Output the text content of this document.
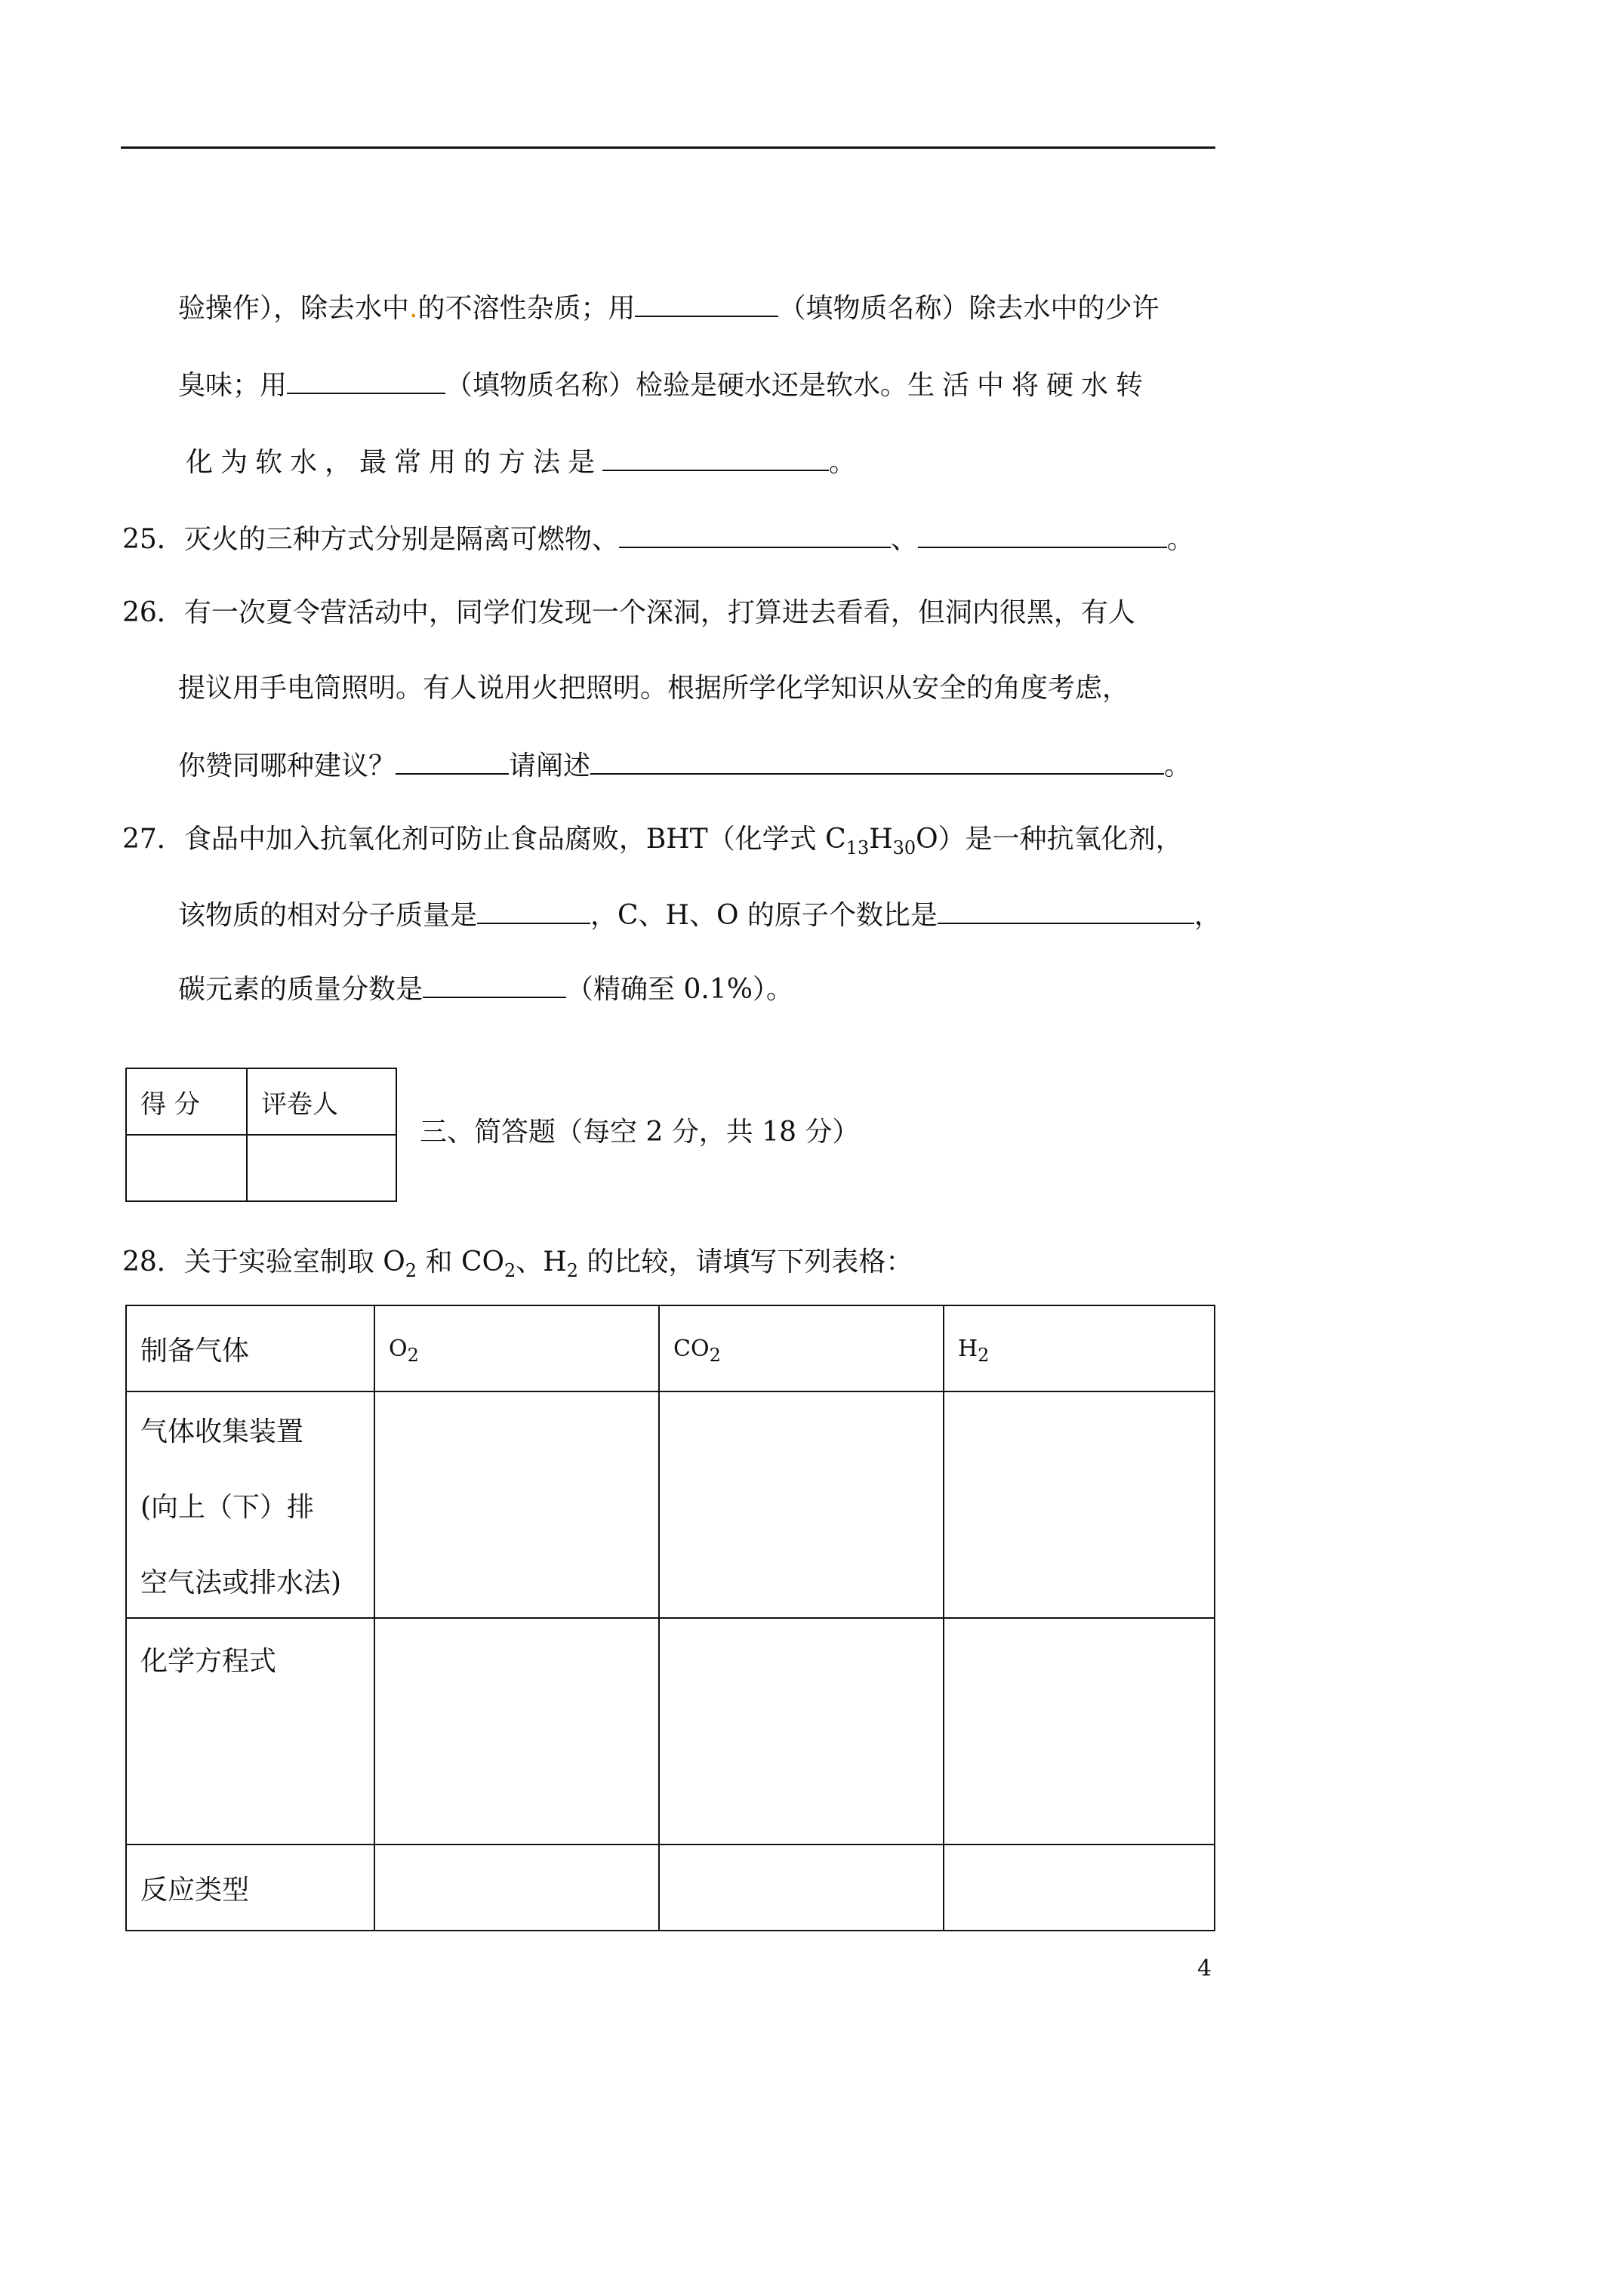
验操作），除去水中.的不溶性杂质；用	（填物质名称）除去水中的少许
臭味；用	（填物质名称）检验是硬水还是软水。生活中将硬水转
化为软水，最常用的方法是	。
25．灭火的三种方式分别是隔离可燃物、	、	。
26．有一次夏令营活动中，同学们发现一个深洞，打算进去看看，但洞内很黑，有人
提议用手电筒照明。有人说用火把照明。根据所学化学知识从安全的角度考虑，
你赞同哪种建议？	请阐述	。
27．食品中加入抗氧化剂可防止食品腐败，BHT（化学式 $C_{13}H_{30}O$）是一种抗氧化剂，
该物质的相对分子质量是	，C、H、O 的原子个数比是	，
碳元素的质量分数是	（精确至 0.1%）。
得 分	评卷人

三、简答题（每空 2 分，共 18 分）
28．关于实验室制取 $O_2$ 和 $CO_2$、$H_2$ 的比较，请填写下列表格：
制备气体	$O_2$	$CO_2$	$H_2$

气体收集装置
(向上（下）排
空气法或排水法)			

化学方程式			
反应类型			
4
